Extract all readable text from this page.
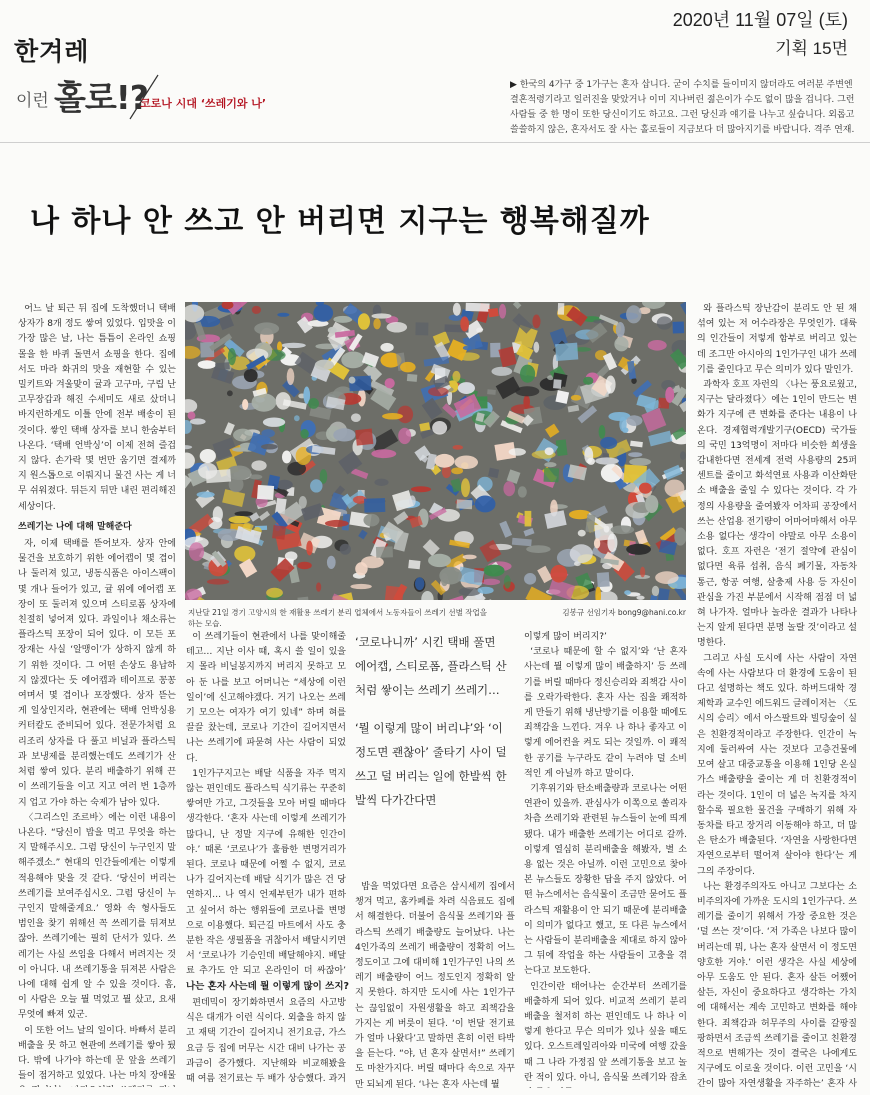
한겨레
2020년 11월 07일 (토)
기획 15면
이런 홀로!?
코로나 시대 ‘쓰레기와 나’
▶ 한국의 4가구 중 1가구는 혼자 삽니다. 굳이 수치를 들이미지 않더라도 여러분 주변엔 결혼적령기라고 일러진을 맞았거나 이미 지나버린 젊은이가 수도 없이 많을 겁니다. 그런 사람들 중 한 명이 또한 당신이기도 하고요. 그런 당신과 얘기를 나누고 싶습니다. 외롭고 쓸쓸하지 않은, 혼자서도 잘 사는 홀로들이 지금보다 더 많아지기를 바랍니다. 격주 연재.
나 하나 안 쓰고 안 버리면 지구는 행복해질까

어느 날 퇴근 뒤 집에 도착했더니 택배 상자가 8개 정도 쌓여 있었다. 입맛을 이 가장 많은 날, 나는 틈틈이 온라인 쇼핑몰을 한 바퀴 돌면서 쇼핑을 한다. 집에서도 마라 화귀의 맛을 재현할 수 있는 밀키트와 겨울맞이 귤과 고구마, 구립 난 고무장갑과 해진 수세미도 새로 샀더니 바지런하게도 이틀 안에 전부 배송이 된 것이다. 쌓인 택배 상자를 보니 한숨부터 나온다. ‘택배 언박싱’이 이제 전혀 즐겁지 않다. 손가락 몇 번만 움기면 결제까지 원스톱으로 이뤄지니 물건 사는 게 너무 쉬워졌다. 뒤든지 뒤만 내린 편리해진 세상이다.

쓰레기는 나에 대해 말해준다

자, 이제 택배를 뜯어보자. 상자 안에 물건을 보호하기 위한 에어캡이 몇 겹이나 둘러져 있고, 냉동식품은 아이스팩이 몇 개나 들어가 있고, 귤 위에 에어캡 포장이 또 둘러져 있으며 스티로폼 상자에 친절히 넣어져 있다. 과일이나 채소류는 플라스틱 포장이 되어 있다. 이 모든 포장재는 사실 ‘알맹이’가 상하지 않게 하기 위한 것이다. 그 어떤 손상도 용납하지 않겠다는 듯 에어캡과 테이프로 꽁꽁 여며서 몇 겹이나 포장했다. 상자 뜯는 게 일상인지라, 현관에는 택배 언박싱용 커터칼도 준비되어 있다. 전문가처럼 요리조리 상자를 다 풀고 비닐과 플라스틱과 보냉제를 분리했는데도 쓰레기가 산처럼 쌓여 있다. 분리 배출하기 위해 끈이 쓰레기들을 이고 지고 여러 번 1층까지 업고 가야 하는 숙제가 남아 있다.

〈그리스인 조르바〉에는 이런 내용이 나온다. “당신이 밥을 먹고 무엇을 하는지 말해주시오. 그럼 당신이 누구인지 말해주겠소.” 현대의 인간들에게는 이렇게 적용해야 맞을 것 같다. ‘당신이 버리는 쓰레기를 보여주십시오. 그럼 당신이 누구인지 말해줄게요.’ 영화 속 형사들도 범인을 찾기 위해선 꼭 쓰레기를 뒤져보잖아. 쓰레기에는 필히 단서가 있다. 쓰레기는 사실 쓰임을 다해서 버려지는 것이 아니다. 내 쓰레기통을 뒤져본 사람은 나에 대해 쉽게 알 수 있을 것이다. 흠, 이 사람은 오늘 뭘 먹었고 뭘 샀고, 요새 무엇에 빠져 있군.

이 또한 어느 날의 일이다. 바빠서 분리배출을 못 하고 현관에 쓰레기를 쌓아 뒀다. 밖에 나가야 하는데 문 앞을 쓰레기들이 점거하고 있었다. 나는 마치 장애물

지난달 21일 경기 고양시의 한 재활용 쓰레기 분리 업체에서 노동자들이 쓰레기 선별 작업을 하는 모습.
김봉규 선임기자 bong9@hani.co.kr

이 쓰레기들이 현관에서 나를 맞이해줄 테고… 지난 이사 때, 혹시 쓸 일이 있을지 몰라 비닐봉지까지 버리지 못하고 모아 둔 나를 보고 어머니는 “세상에 이런 일이’에 신고해야겠다. 거기 나오는 쓰레기 모으는 여자가 여기 있네” 하며 혀를 끌끌 찼는데, 코로나 기간이 길어지면서 나는 쓰레기에 파묻혀 사는 사람이 되었다.

1인가구지고는 배달 식품을 자주 먹지 않는 편인데도 플라스틱 식기류는 꾸준히 쌓여만 가고, 그것들을 모아 버릴 때마다 생각한다. ‘혼자 사는데 이렇게 쓰레기가 많다니, 난 정말 지구에 유해한 인간이야.’ 때론 ‘코로나’가 훌륭한 변명거리가 된다. 코로나 때문에 어쩔 수 없지, 코로나가 길어지는데 배달 식기가 많은 건 당연하지… 나 역시 언제부턴가 내가 편하고 싶어서 하는 행위들에 코로나를 변명으로 이용했다. 퇴근길 마트에서 사도 충분한 작은 생필품을 귀찮아서 배달시키면서 ‘코로나가 기승인데 배달해야지. 배달료 추가도 안 되고 온라인이 더 싸잖아’

나는 혼자 사는데 뭘 이렇게 많이 쓰지?

편데믹이 장기화하면서 요즘의 사고방식은 대개가 이런 식이다. 외출을 하지 않고 재택 기간이 길어지니 전기요금, 가스요금 등 집에 머무는 시간 대비 나가는 공과금이 증가했다. 지난해와 비교해봤을 때 여름 전기료는 두 배가 상승했다. 과거

‘코로나니까’ 시킨 택배 풀면 에어캡, 스티로폼, 플라스틱 산처럼 쌓이는 쓰레기 쓰레기…

‘뭘 이렇게 많이 버리냐’와 ‘이 정도면 괜찮아’ 줄타기 사이 덜 쓰고 덜 버리는 일에 한발씩 한발씩 다가간다면

밥을 먹었다면 요즘은 삼시세끼 집에서 챙겨 먹고, 홈카페를 차려 식음료도 집에서 해결한다. 더불어 음식물 쓰레기와 플라스틱 쓰레기 배출량도 늘어났다. 나는 4인가족의 쓰레기 배출량이 정확히 어느 정도이고 그에 대비해 1인가구인 나의 쓰레기 배출량이 어느 정도인지 정확히 알지 못한다. 하지만 도시에 사는 1인가구는 끊임없이 자원생활을 하고 죄책감을 가지는 게 버릇이 된다. ‘이 번달 전기료가 얼마 나왔다’고 말하면 흔히 이런 타박을 듣는다. “야, 넌 혼자 살면서!” 쓰레기도 마찬가지다. 버릴 때마다 속으로 자꾸만 되뇌게 된다. ‘나는 혼자 사는데 뭘

이렇게 많이 버리지?’

‘코로나 때문에 할 수 없지’와 ‘난 혼자 사는데 뭘 이렇게 많이 배출하지’ 등 쓰레기를 버릴 때마다 정신승리와 죄책감 사이를 오락가락한다. 혼자 사는 집을 쾌적하게 만들기 위해 냉난방기를 이용할 때에도 죄책감을 느낀다. 겨우 나 하나 좋자고 이렇게 에어컨을 켜도 되는 것일까. 이 쾌적한 공기를 누구라도 같이 누려야 덜 소비적인 게 아닐까 하고 말이다.

기후위기와 탄소배출량과 코로나는 어떤 연관이 있을까. 관심사가 이쪽으로 쏠리자 차츰 쓰레기와 관련된 뉴스들이 눈에 띄게 됐다. 내가 배출한 쓰레기는 어디로 갈까. 이렇게 열심히 분리배출을 해봤자, 별 소용 없는 것은 아닐까. 이런 고민으로 찾아본 뉴스들도 장황한 답을 주지 않았다. 어떤 뉴스에서는 음식물이 조금만 묻어도 플라스틱 재활용이 안 되기 때문에 분리배출이 의미가 없다고 했고, 또 다른 뉴스에서는 사람들이 분리배출을 제대로 하지 않아 그 뒤에 작업을 하는 사람들이 고충을 겪는다고 보도한다.

인간이란 태어나는 순간부터 쓰레기를 배출하게 되어 있다. 비교적 쓰레기 분리배출을 철저히 하는 편인데도 나 하나 이렇게 한다고 무슨 의미가 있나 싶을 때도 있다. 오스트레일리아와 미국에 여행 갔을 때 그 나라 가정집 앞 쓰레기통을 보고 놀란 적이 있다. 아니, 음식물 쓰레기와 잡초

와 플라스틱 장난감이 분리도 안 된 채 섞여 있는 저 어수라장은 무엇인가. 대륙의 인간들이 저렇게 함부로 버리고 있는데 조그만 아시아의 1인가구인 내가 쓰레기를 줄인다고 무슨 의미가 있다 말인가.

과학자 호프 자런의 〈나는 풍요로웠고, 지구는 달라졌다〉에는 1인이 만드는 변화가 지구에 큰 변화를 준다는 내용이 나온다. 경제협력개발기구(OECD) 국가들의 국민 13억명이 저마다 비슷한 희생을 감내한다면 전세계 전력 사용량의 25퍼센트를 줄이고 화석연료 사용과 이산화탄소 배출을 줄일 수 있다는 것이다. 각 가정의 사용량을 줄여봤자 어차피 공장에서 쓰는 산업용 전기량이 어마어마해서 아무 소용 없다는 생각이 야말로 아무 소용이 없다. 호프 자런은 ‘전기 절약에 관심이 없다면 육류 섭취, 음식 폐기물, 자동차 통근, 항공 여행, 살충제 사용 등 자신이 관심을 가진 부분에서 시작해 점점 더 넓혀 나가자. 얼마나 놀라운 결과가 나타나는지 알게 된다면 분명 놀랄 것’이라고 설명한다.

그리고 사실 도시에 사는 사람이 자연 속에 사는 사람보다 더 환경에 도움이 된다고 설명하는 책도 있다. 하버드대학 경제학과 교수인 에드워드 글레이저는 〈도시의 승리〉에서 아스팔트와 빌딩숲이 실은 친환경적이라고 주장한다. 인간이 녹지에 둘러싸여 사는 것보다 고층건물에 모여 살고 대중교통을 이용해 1인당 온실가스 배출량을 줄이는 게 더 친환경적이라는 것이다. 1인이 더 넓은 녹지를 차지할수록 필요한 물건을 구매하기 위해 자동차를 타고 장거리 이동해야 하고, 더 많은 탄소가 배출된다. ‘자연을 사랑한다면 자연으로부터 떨어져 살아야 한다’는 게 그의 주장이다.

나는 환경주의자도 아니고 그보다는 소비주의자에 가까운 도시의 1인가구다. 쓰레기를 줄이기 위해서 가장 중요한 것은 ‘덜 쓰는 것’이다. ‘저 가족은 나보다 많이 버리는데 뭐, 나는 혼자 살면서 이 정도면 양호한 거야.’ 이런 생각은 사실 세상에 아무 도움도 안 된다. 혼자 살든 어쨌어 살든, 자신이 중요하다고 생각하는 가치에 대해서는 계속 고민하고 변화를 해야 한다. 죄책감과 허무주의 사이를 갈팡질팡하면서 조금씩 쓰레기를 줄이고 친환경적으로 변해가는 것이 결국은 나에게도 지구에도 이로울 것이다. 이런 고민을 ‘시간이 많아 자연생활을 자주하는’ 혼자 사
